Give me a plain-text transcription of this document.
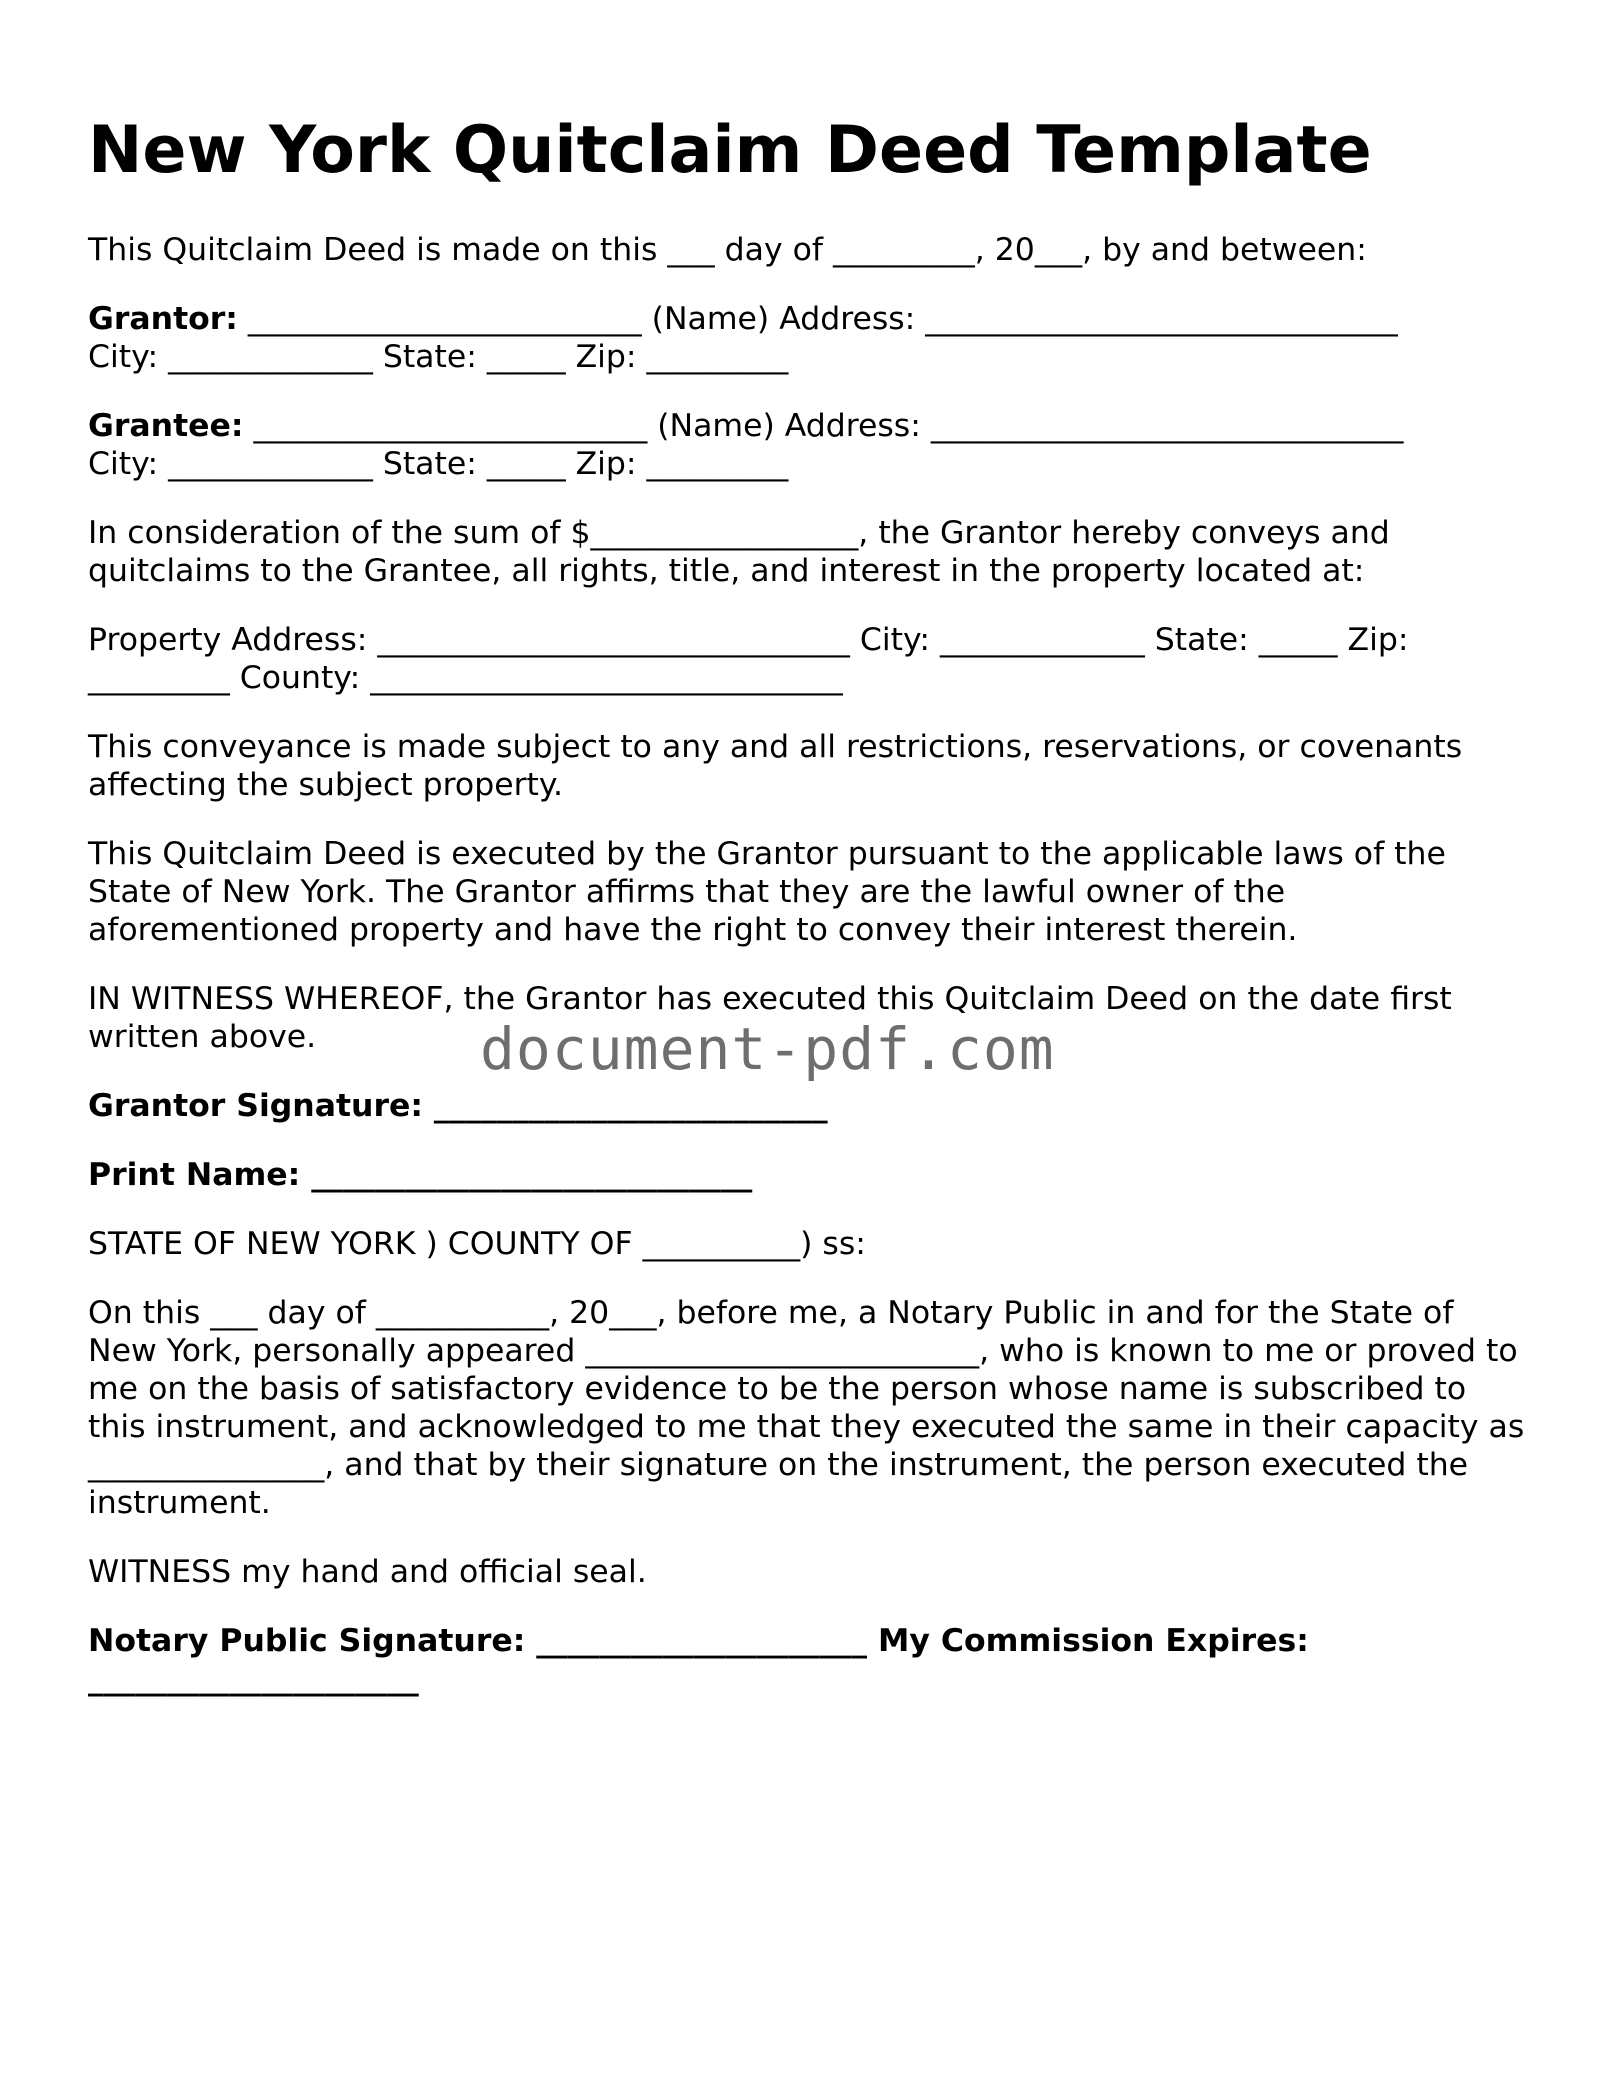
New York Quitclaim Deed Template

This Quitclaim Deed is made on this ___ day of _________, 20___, by and between:

Grantor: _________________________ (Name) Address: ______________________________
City: _____________ State: _____ Zip: _________

Grantee: _________________________ (Name) Address: ______________________________
City: _____________ State: _____ Zip: _________

In consideration of the sum of $_________________, the Grantor hereby conveys and quitclaims to the Grantee, all rights, title, and interest in the property located at:

Property Address: ______________________________ City: _____________ State: _____ Zip: _________ County: ______________________________

This conveyance is made subject to any and all restrictions, reservations, or covenants affecting the subject property.

This Quitclaim Deed is executed by the Grantor pursuant to the applicable laws of the State of New York. The Grantor affirms that they are the lawful owner of the aforementioned property and have the right to convey their interest therein.

IN WITNESS WHEREOF, the Grantor has executed this Quitclaim Deed on the date first written above.

Grantor Signature: _________________________

Print Name: ____________________________

STATE OF NEW YORK ) COUNTY OF __________) ss:

On this ___ day of ___________, 20___, before me, a Notary Public in and for the State of New York, personally appeared _________________________, who is known to me or proved to me on the basis of satisfactory evidence to be the person whose name is subscribed to this instrument, and acknowledged to me that they executed the same in their capacity as _______________, and that by their signature on the instrument, the person executed the instrument.

WITNESS my hand and official seal.

Notary Public Signature: _____________________ My Commission Expires: _____________________

document-pdf.com
